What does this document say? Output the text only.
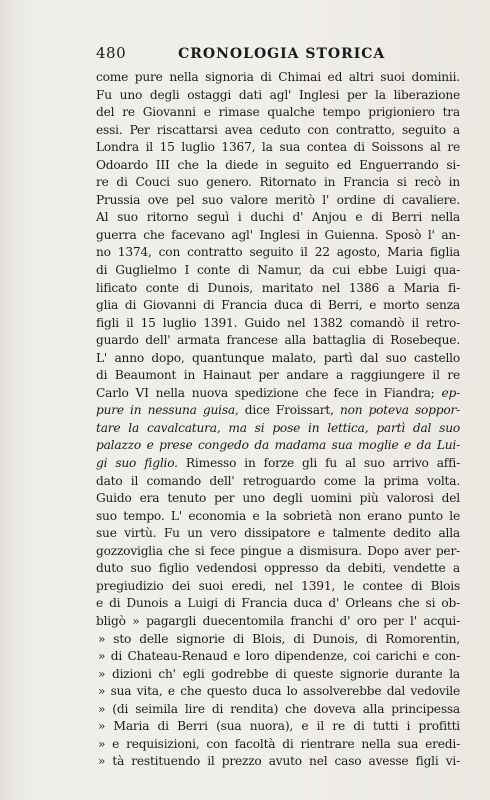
480	CRONOLOGIA STORICA
come pure nella signoria di Chimai ed altri suoi dominii.
Fu uno degli ostaggi dati agl' Inglesi per la liberazione
del re Giovanni e rimase qualche tempo prigioniero tra
essi. Per riscattarsi avea ceduto con contratto, seguito a
Londra il 15 luglio 1367, la sua contea di Soissons al re
Odoardo III che la diede in seguito ed Enguerrando si-
re di Couci suo genero. Ritornato in Francia si recò in
Prussia ove pel suo valore meritò l' ordine di cavaliere.
Al suo ritorno seguì i duchi d' Anjou e di Berri nella
guerra che facevano agl' Inglesi in Guienna. Sposò l' an-
no 1374, con contratto seguito il 22 agosto, Maria figlia
di Guglielmo I conte di Namur, da cui ebbe Luigi qua-
lificato conte di Dunois, maritato nel 1386 a Maria fi-
glia di Giovanni di Francia duca di Berri, e morto senza
figli il 15 luglio 1391. Guido nel 1382 comandò il retro-
guardo dell' armata francese alla battaglia di Rosebeque.
L' anno dopo, quantunque malato, partì dal suo castello
di Beaumont in Hainaut per andare a raggiungere il re
Carlo VI nella nuova spedizione che fece in Fiandra; ep-
pure in nessuna guisa, dice Froissart, non poteva soppor-
tare la cavalcatura, ma si pose in lettica, partì dal suo
palazzo e prese congedo da madama sua moglie e da Lui-
gi suo figlio. Rimesso in forze gli fu al suo arrivo affi-
dato il comando dell' retroguardo come la prima volta.
Guido era tenuto per uno degli uomini più valorosi del
suo tempo. L' economia e la sobrietà non erano punto le
sue virtù. Fu un vero dissipatore e talmente dedito alla
gozzoviglia che si fece pingue a dismisura. Dopo aver per-
duto suo figlio vedendosi oppresso da debiti, vendette a
pregiudizio dei suoi eredi, nel 1391, le contee di Blois
e di Dunois a Luigi di Francia duca d' Orleans che si ob-
bligò » pagargli duecentomila franchi d' oro per l' acqui-
» sto delle signorie di Blois, di Dunois, di Romorentin,
» di Chateau-Renaud e loro dipendenze, coi carichi e con-
» dizioni ch' egli godrebbe di queste signorie durante la
» sua vita, e che questo duca lo assolverebbe dal vedovile
» (di seimila lire di rendita) che doveva alla principessa
» Maria di Berri (sua nuora), e il re di tutti i profitti
» e requisizioni, con facoltà di rientrare nella sua eredi-
» tà restituendo il prezzo avuto nel caso avesse figli vi-
